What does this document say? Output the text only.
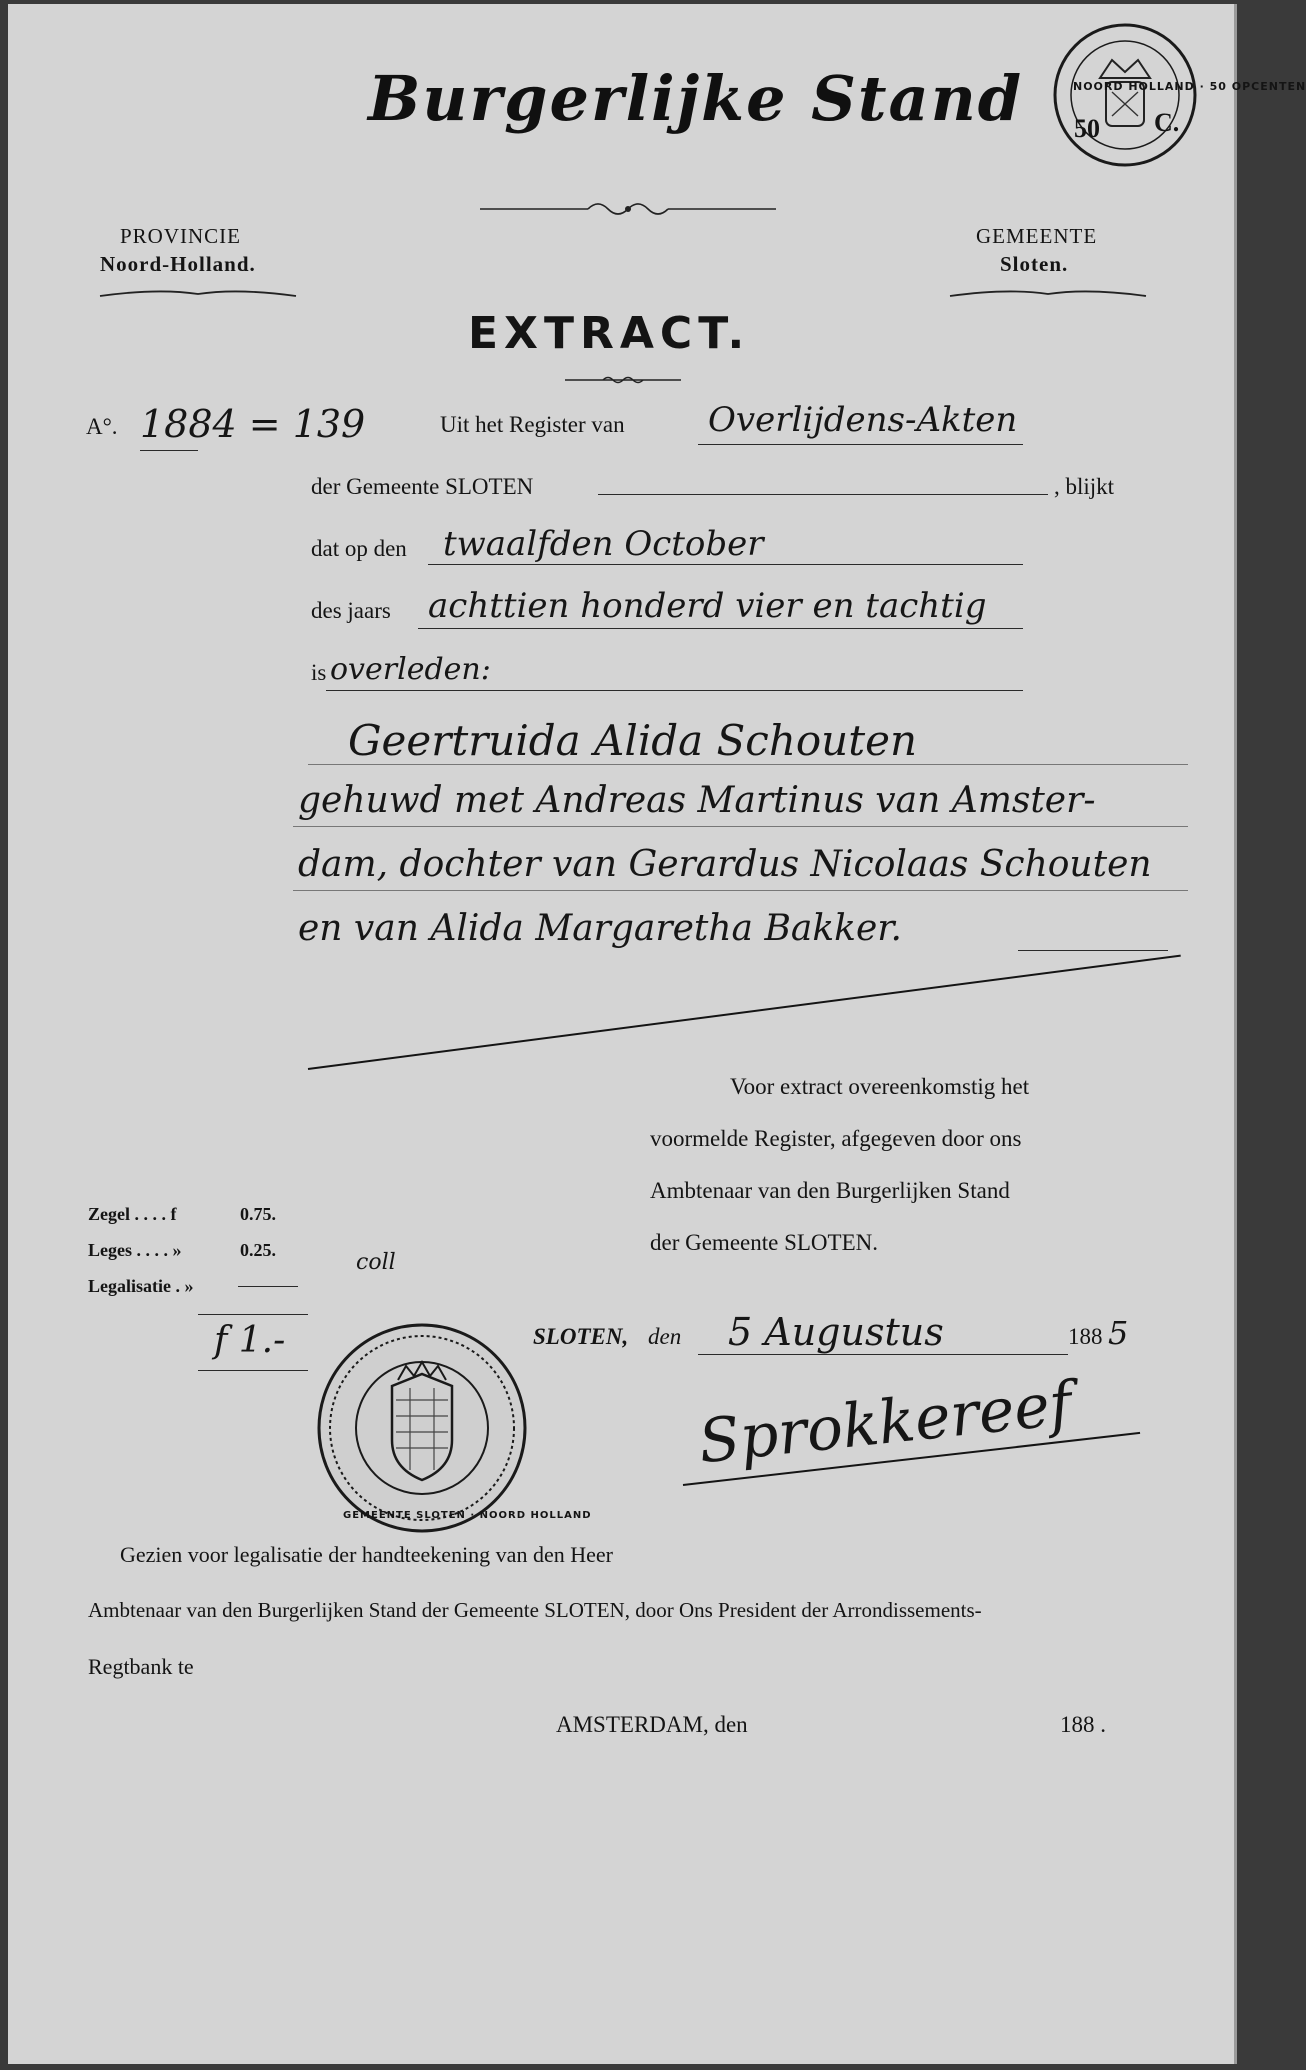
Burgerlijke Stand
PROVINCIE
Noord-Holland.
GEMEENTE
Sloten.
EXTRACT.
NOORD HOLLAND · 50 OPCENTEN
50 C.
A°. 1884 = 139	Uit het Register van Overlijdens-Akten
der Gemeente SLOTEN	, blijkt
dat op den twaalfden October
des jaars achttien honderd vier en tachtig
is overleden:
Geertruida Alida Schouten
gehuwd met Andreas Martinus van Amster-
dam, dochter van Gerardus Nicolaas Schouten
en van Alida Margaretha Bakker.
Voor extract overeenkomstig het
voormelde Register, afgegeven door ons
Ambtenaar van den Burgerlijken Stand
der Gemeente SLOTEN.
Zegel . . . . f	0.75.
Leges . . . . »	0.25.
Legalisatie . »
coll
f 1.-	SLOTEN, den 5 Augustus	188 5
Sprokkereef
GEMEENTE SLOTEN · NOORD HOLLAND
Gezien voor legalisatie der handteekening van den Heer
Ambtenaar van den Burgerlijken Stand der Gemeente SLOTEN, door Ons President der Arrondissements-
Regtbank te
AMSTERDAM, den	188 .
